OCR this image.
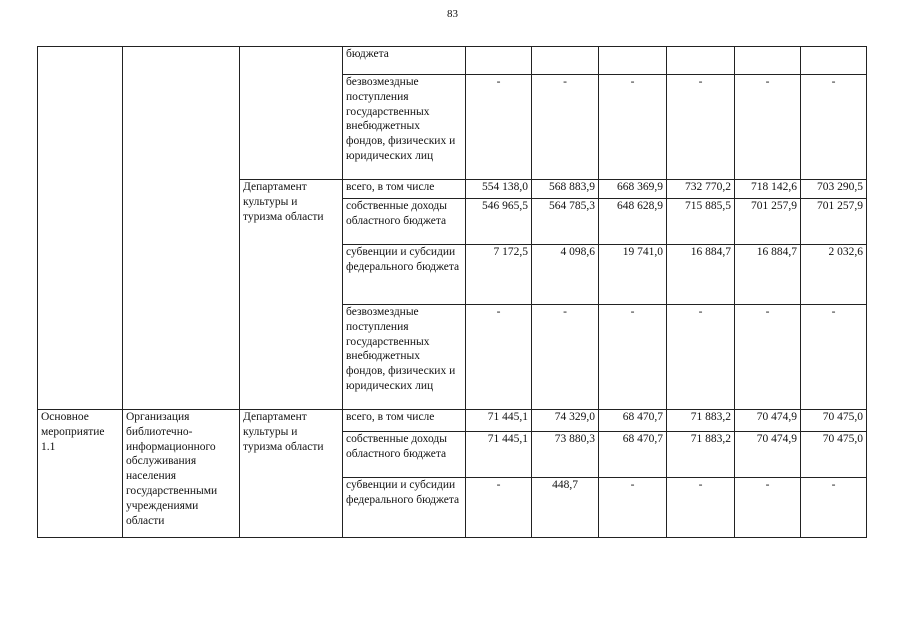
83
			бюджета						
			безвозмездные поступления государственных внебюджетных фондов, физических и юридических лиц	-	-	-	-	-	-
		Департамент культуры и туризма области	всего, в том числе	554 138,0	568 883,9	668 369,9	732 770,2	718 142,6	703 290,5
			собственные доходы областного бюджета	546 965,5	564 785,3	648 628,9	715 885,5	701 257,9	701 257,9
			субвенции и субсидии федерального бюджета	7 172,5	4 098,6	19 741,0	16 884,7	16 884,7	2 032,6
			безвозмездные поступления государственных внебюджетных фондов, физических и юридических лиц	-	-	-	-	-	-
Основное мероприятие 1.1	Организация библиотечно-информационного обслуживания населения государственными учреждениями области	Департамент культуры и туризма области	всего, в том числе	71 445,1	74 329,0	68 470,7	71 883,2	70 474,9	70 475,0
			собственные доходы областного бюджета	71 445,1	73 880,3	68 470,7	71 883,2	70 474,9	70 475,0
			субвенции и субсидии федерального бюджета	-	448,7	-	-	-	-
